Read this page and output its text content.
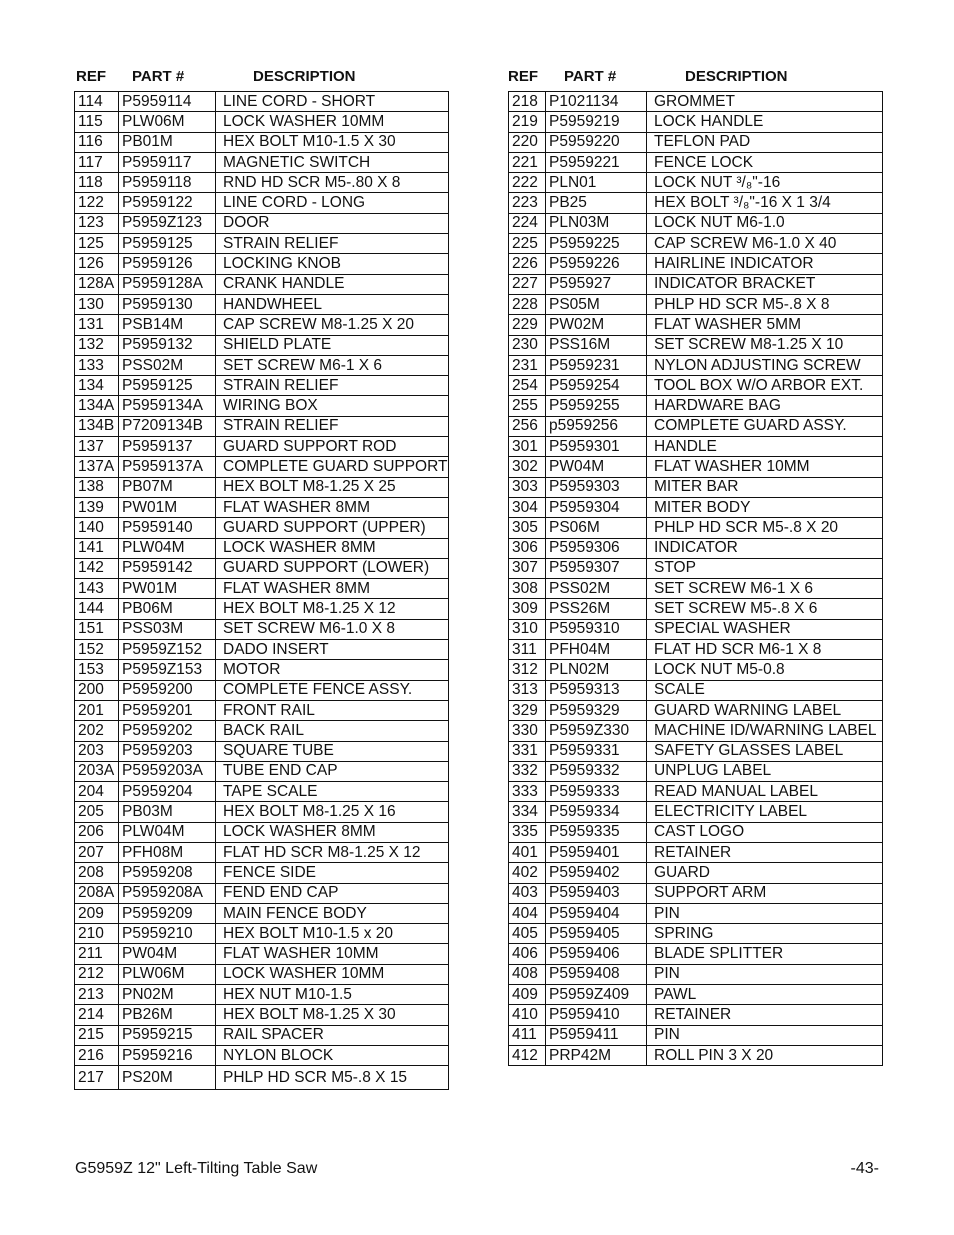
REF PART #	DESCRIPTION
114	P5959114	LINE CORD - SHORT
115	PLW06M	LOCK WASHER 10MM
116	PB01M	HEX BOLT M10-1.5 X 30
117	P5959117	MAGNETIC SWITCH
118	P5959118	RND HD SCR M5-.80 X 8
122	P5959122	LINE CORD - LONG
123	P5959Z123	DOOR
125	P5959125	STRAIN RELIEF
126	P5959126	LOCKING KNOB
128A	P5959128A	CRANK HANDLE
130	P5959130	HANDWHEEL
131	PSB14M	CAP SCREW M8-1.25 X 20
132	P5959132	SHIELD PLATE
133	PSS02M	SET SCREW M6-1 X 6
134	P5959125	STRAIN RELIEF
134A	P5959134A	WIRING BOX
134B	P7209134B	STRAIN RELIEF
137	P5959137	GUARD SUPPORT ROD
137A	P5959137A	COMPLETE GUARD SUPPORT
138	PB07M	HEX BOLT M8-1.25 X 25
139	PW01M	FLAT WASHER 8MM
140	P5959140	GUARD SUPPORT (UPPER)
141	PLW04M	LOCK WASHER 8MM
142	P5959142	GUARD SUPPORT (LOWER)
143	PW01M	FLAT WASHER 8MM
144	PB06M	HEX BOLT M8-1.25 X 12
151	PSS03M	SET SCREW M6-1.0 X 8
152	P5959Z152	DADO INSERT
153	P5959Z153	MOTOR
200	P5959200	COMPLETE FENCE ASSY.
201	P5959201	FRONT RAIL
202	P5959202	BACK RAIL
203	P5959203	SQUARE TUBE
203A	P5959203A	TUBE END CAP
204	P5959204	TAPE SCALE
205	PB03M	HEX BOLT M8-1.25 X 16
206	PLW04M	LOCK WASHER 8MM
207	PFH08M	FLAT HD SCR M8-1.25 X 12
208	P5959208	FENCE SIDE
208A	P5959208A	FEND END CAP
209	P5959209	MAIN FENCE BODY
210	P5959210	HEX BOLT M10-1.5 x 20
211	PW04M	FLAT WASHER 10MM
212	PLW06M	LOCK WASHER 10MM
213	PN02M	HEX NUT M10-1.5
214	PB26M	HEX BOLT M8-1.25 X 30
215	P5959215	RAIL SPACER
216	P5959216	NYLON BLOCK
217	PS20M	PHLP HD SCR M5-.8 X 15
REF PART #	DESCRIPTION
218	P1021134	GROMMET
219	P5959219	LOCK HANDLE
220	P5959220	TEFLON PAD
221	P5959221	FENCE LOCK
222	PLN01	LOCK NUT ³/₈"-16
223	PB25	HEX BOLT ³/₈"-16 X 1 3/4
224	PLN03M	LOCK NUT M6-1.0
225	P5959225	CAP SCREW M6-1.0 X 40
226	P5959226	HAIRLINE INDICATOR
227	P595927	INDICATOR BRACKET
228	PS05M	PHLP HD SCR M5-.8 X 8
229	PW02M	FLAT WASHER 5MM
230	PSS16M	SET SCREW M8-1.25 X 10
231	P5959231	NYLON ADJUSTING SCREW
254	P5959254	TOOL BOX W/O ARBOR EXT.
255	P5959255	HARDWARE BAG
256	p5959256	COMPLETE GUARD ASSY.
301	P5959301	HANDLE
302	PW04M	FLAT WASHER 10MM
303	P5959303	MITER BAR
304	P5959304	MITER BODY
305	PS06M	PHLP HD SCR M5-.8 X 20
306	P5959306	INDICATOR
307	P5959307	STOP
308	PSS02M	SET SCREW M6-1 X 6
309	PSS26M	SET SCREW M5-.8 X 6
310	P5959310	SPECIAL WASHER
311	PFH04M	FLAT HD SCR M6-1 X 8
312	PLN02M	LOCK NUT M5-0.8
313	P5959313	SCALE
329	P5959329	GUARD WARNING LABEL
330	P5959Z330	MACHINE ID/WARNING LABEL
331	P5959331	SAFETY GLASSES LABEL
332	P5959332	UNPLUG LABEL
333	P5959333	READ MANUAL LABEL
334	P5959334	ELECTRICITY LABEL
335	P5959335	CAST LOGO
401	P5959401	RETAINER
402	P5959402	GUARD
403	P5959403	SUPPORT ARM
404	P5959404	PIN
405	P5959405	SPRING
406	P5959406	BLADE SPLITTER
408	P5959408	PIN
409	P5959Z409	PAWL
410	P5959410	RETAINER
411	P5959411	PIN
412	PRP42M	ROLL PIN 3 X 20
G5959Z 12" Left-Tilting Table Saw	-43-
